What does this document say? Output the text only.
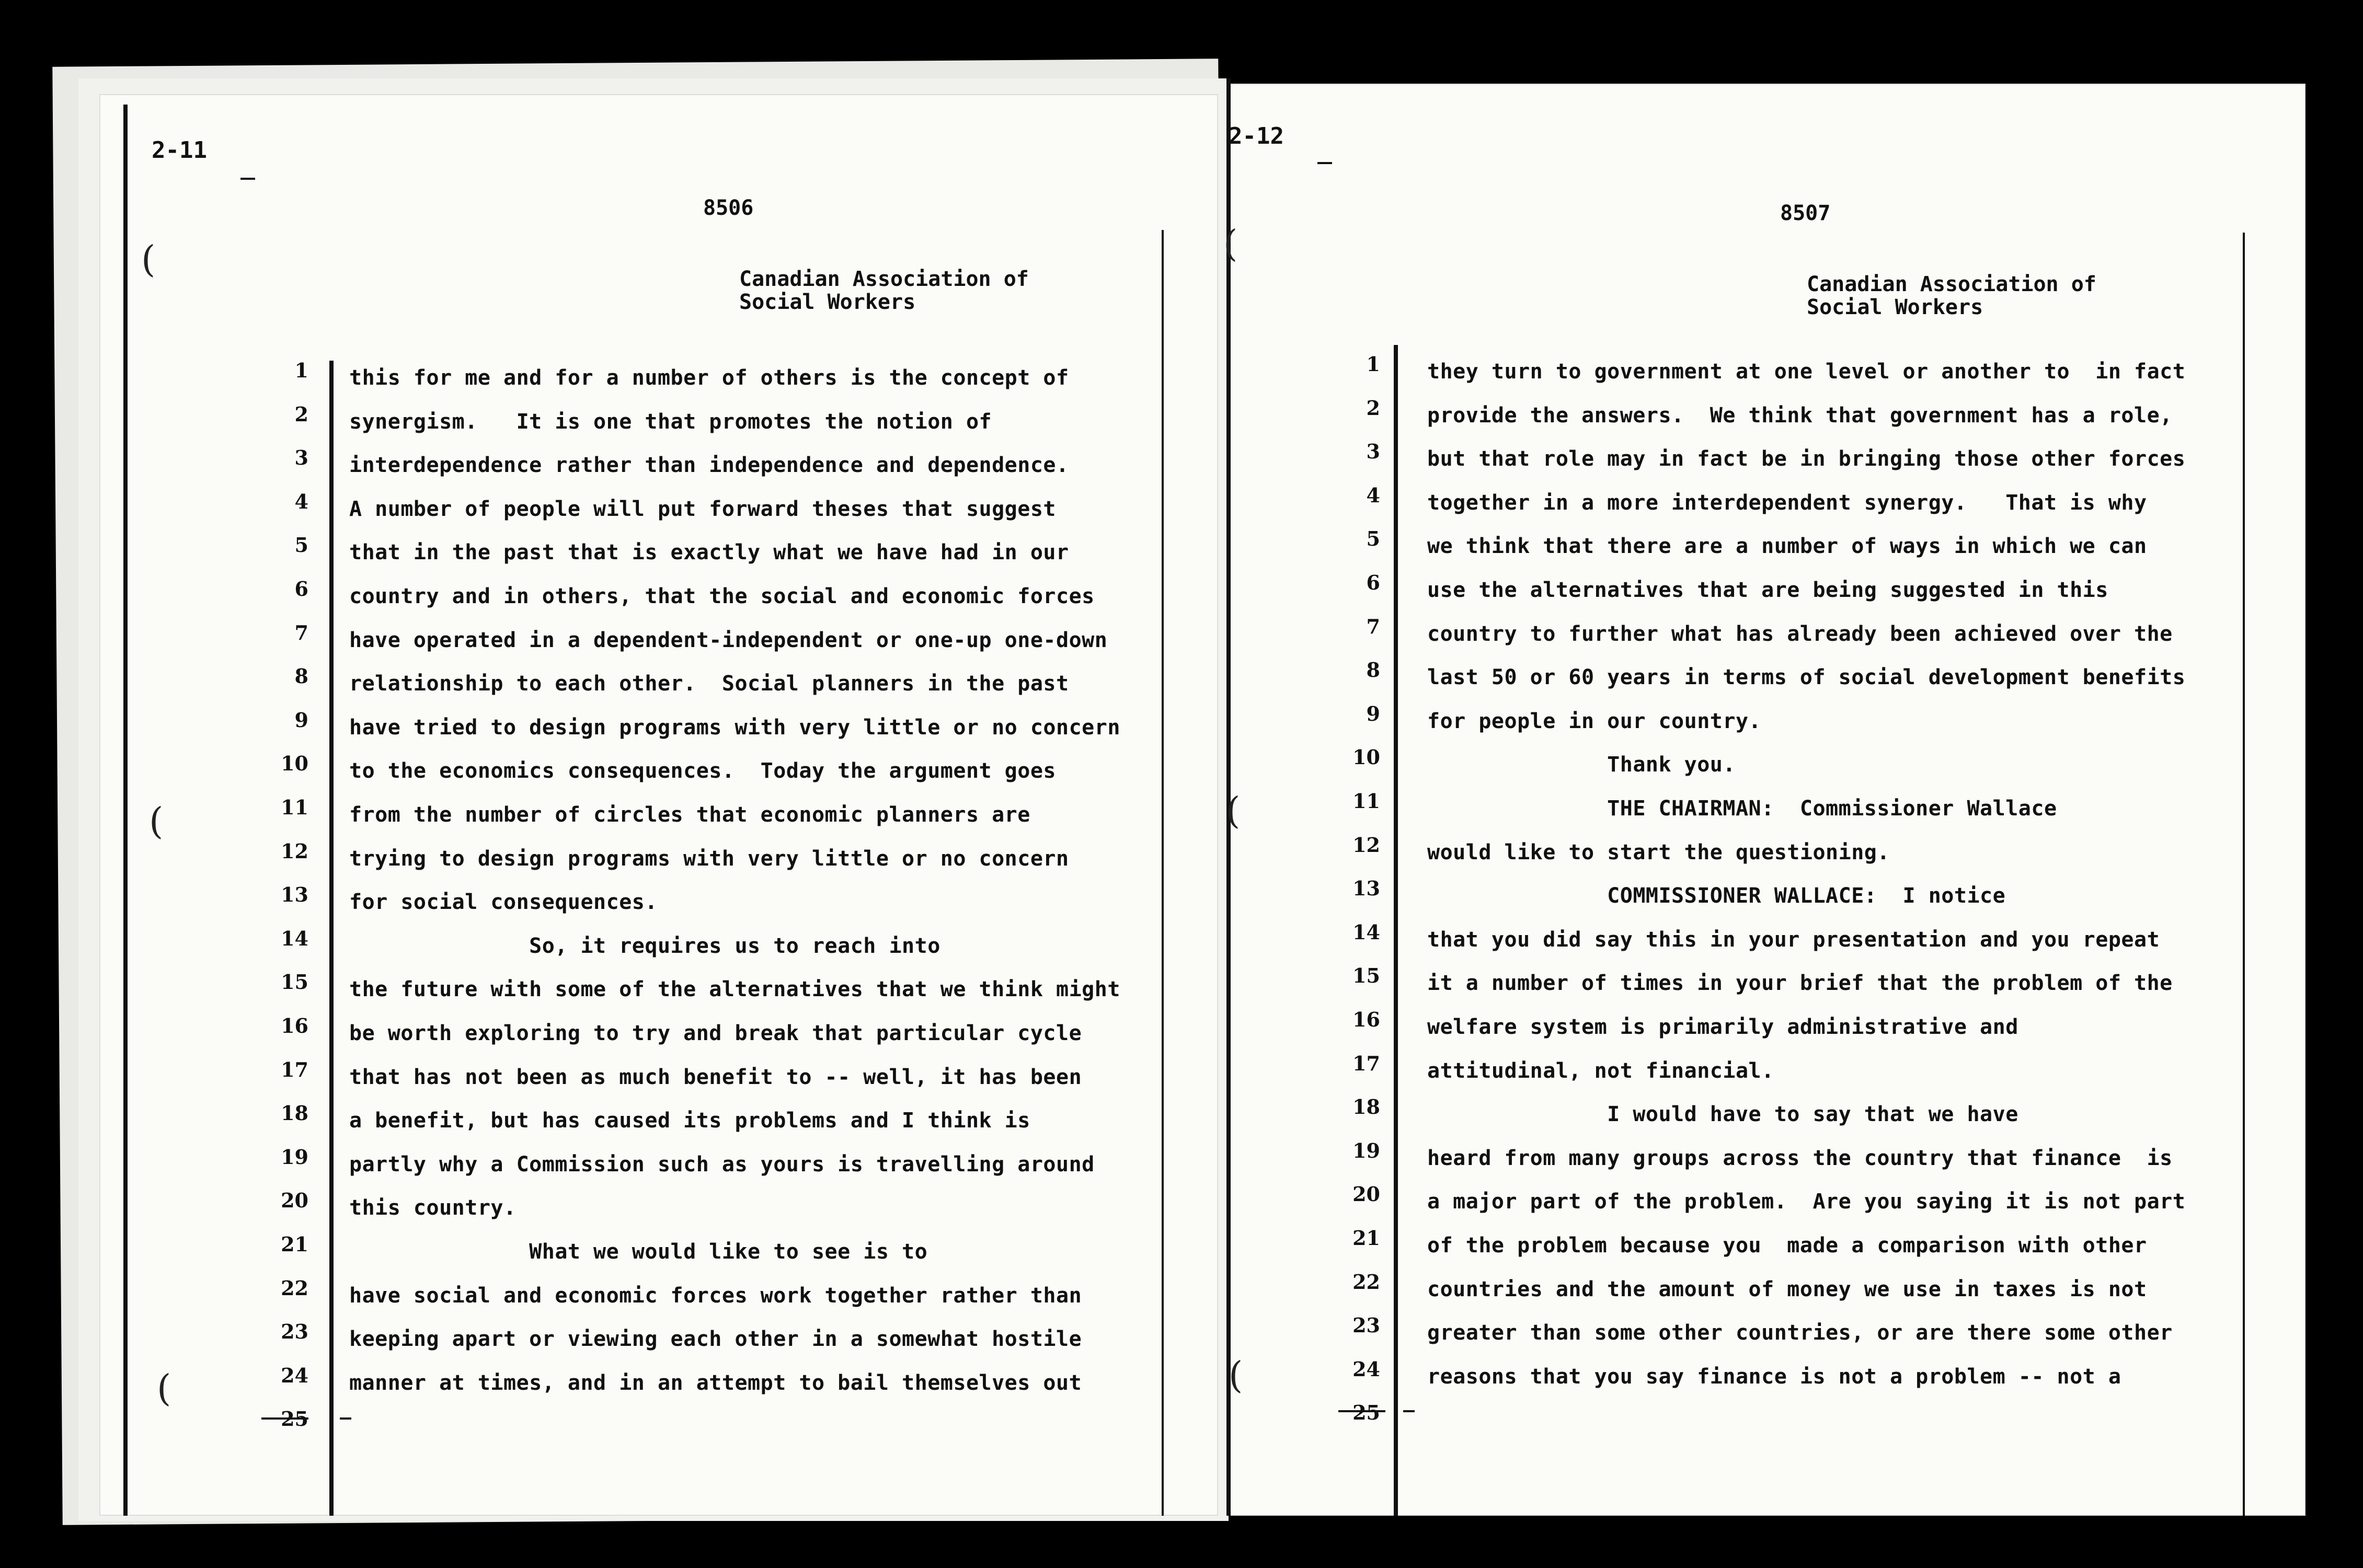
2-11
8506
Canadian Association of
Social Workers
(
(
(
1 this for me and for a number of others is the concept of
2 synergism.   It is one that promotes the notion of
3 interdependence rather than independence and dependence.
4 A number of people will put forward theses that suggest
5 that in the past that is exactly what we have had in our
6 country and in others, that the social and economic forces
7 have operated in a dependent-independent or one-up one-down
8 relationship to each other.  Social planners in the past
9 have tried to design programs with very little or no concern
10 to the economics consequences.  Today the argument goes
11 from the number of circles that economic planners are
12 trying to design programs with very little or no concern
13 for social consequences.
14 So, it requires us to reach into
15 the future with some of the alternatives that we think might
16 be worth exploring to try and break that particular cycle
17 that has not been as much benefit to -- well, it has been
18 a benefit, but has caused its problems and I think is
19 partly why a Commission such as yours is travelling around
20 this country.
21 What we would like to see is to
22 have social and economic forces work together rather than
23 keeping apart or viewing each other in a somewhat hostile
24 manner at times, and in an attempt to bail themselves out
25
2-12
8507
Canadian Association of
Social Workers
(
(
(
1 they turn to government at one level or another to  in fact
2 provide the answers.  We think that government has a role,
3 but that role may in fact be in bringing those other forces
4 together in a more interdependent synergy.   That is why
5 we think that there are a number of ways in which we can
6 use the alternatives that are being suggested in this
7 country to further what has already been achieved over the
8 last 50 or 60 years in terms of social development benefits
9 for people in our country.
10 Thank you.
11 THE CHAIRMAN:  Commissioner Wallace
12 would like to start the questioning.
13 COMMISSIONER WALLACE:  I notice
14 that you did say this in your presentation and you repeat
15 it a number of times in your brief that the problem of the
16 welfare system is primarily administrative and
17 attitudinal, not financial.
18 I would have to say that we have
19 heard from many groups across the country that finance  is
20 a major part of the problem.  Are you saying it is not part
21 of the problem because you  made a comparison with other
22 countries and the amount of money we use in taxes is not
23 greater than some other countries, or are there some other
24 reasons that you say finance is not a problem -- not a
25
